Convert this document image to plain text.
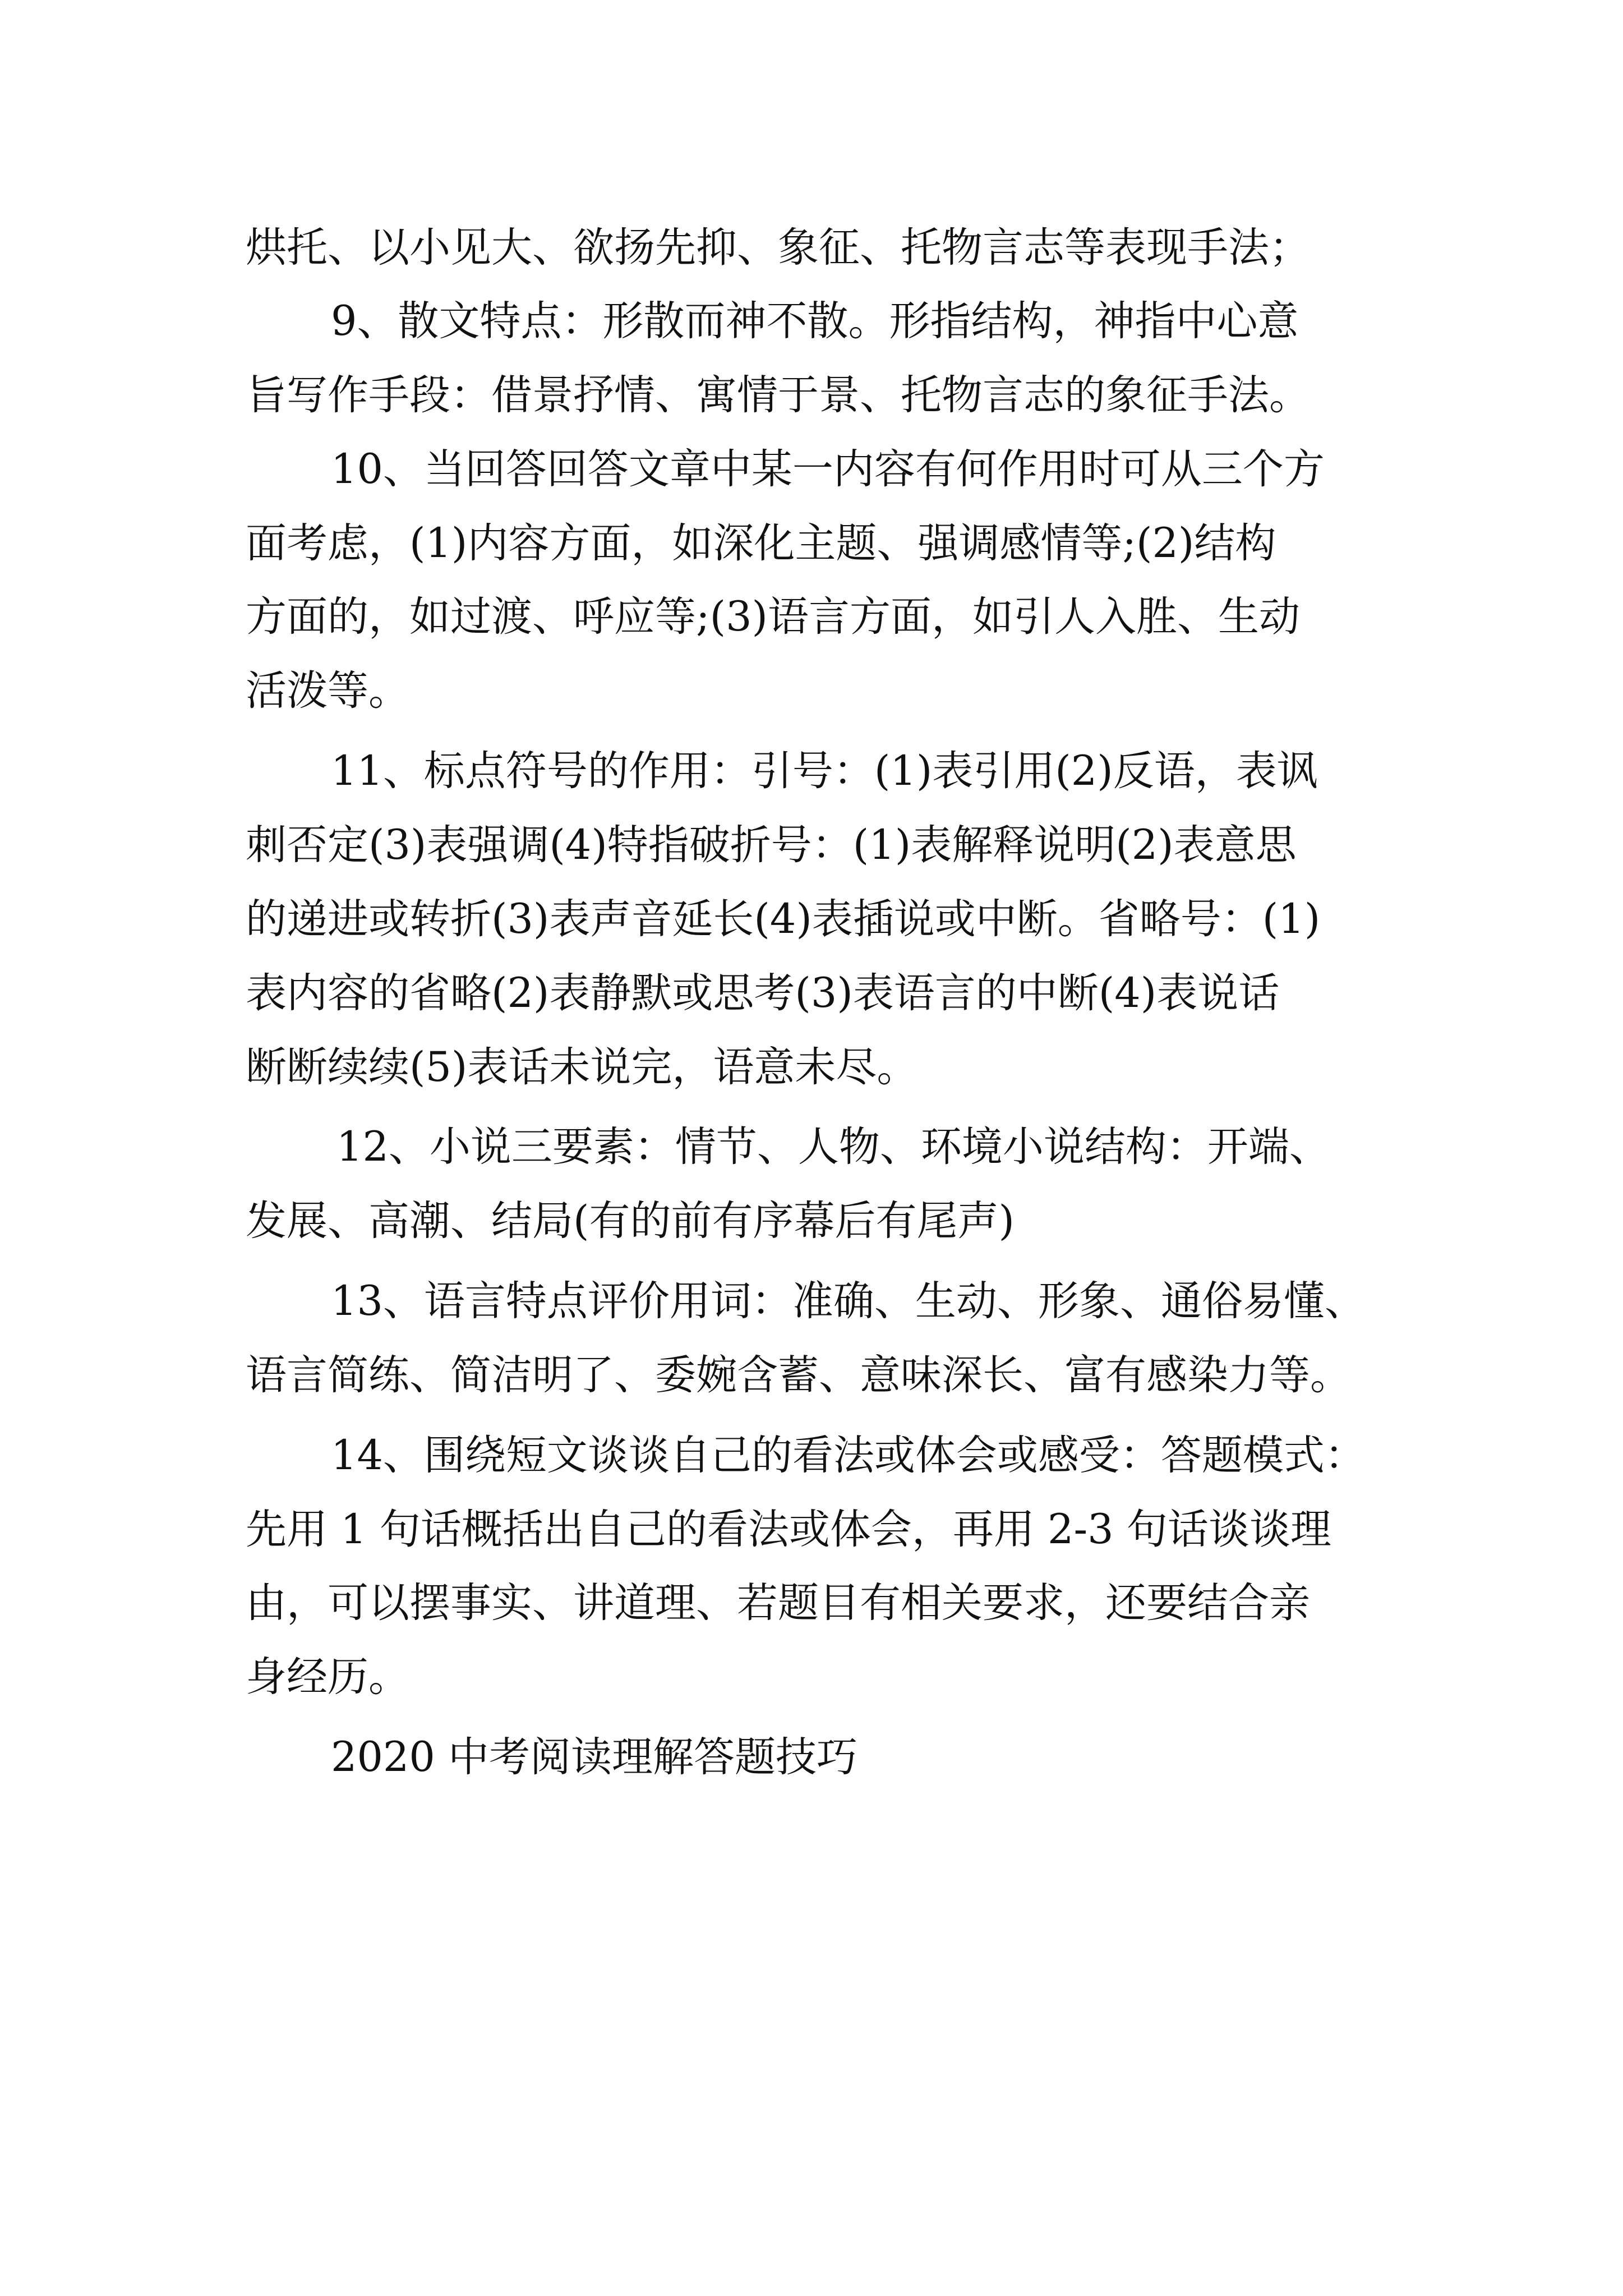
烘托、以小见大、欲扬先抑、象征、托物言志等表现手法；
9、散文特点：形散而神不散。形指结构，神指中心意
旨写作手段：借景抒情、寓情于景、托物言志的象征手法。
10、当回答回答文章中某一内容有何作用时可从三个方
面考虑，(1)内容方面，如深化主题、强调感情等;(2)结构
方面的，如过渡、呼应等;(3)语言方面，如引人入胜、生动
活泼等。
11、标点符号的作用：引号：(1)表引用(2)反语，表讽
刺否定(3)表强调(4)特指破折号：(1)表解释说明(2)表意思
的递进或转折(3)表声音延长(4)表插说或中断。省略号：(1)
表内容的省略(2)表静默或思考(3)表语言的中断(4)表说话
断断续续(5)表话未说完，语意未尽。
12、小说三要素：情节、人物、环境小说结构：开端、
发展、高潮、结局(有的前有序幕后有尾声)
13、语言特点评价用词：准确、生动、形象、通俗易懂、
语言简练、简洁明了、委婉含蓄、意味深长、富有感染力等。
14、围绕短文谈谈自己的看法或体会或感受：答题模式：
先用 1 句话概括出自己的看法或体会，再用 2-3 句话谈谈理
由，可以摆事实、讲道理、若题目有相关要求，还要结合亲
身经历。
2020 中考阅读理解答题技巧
